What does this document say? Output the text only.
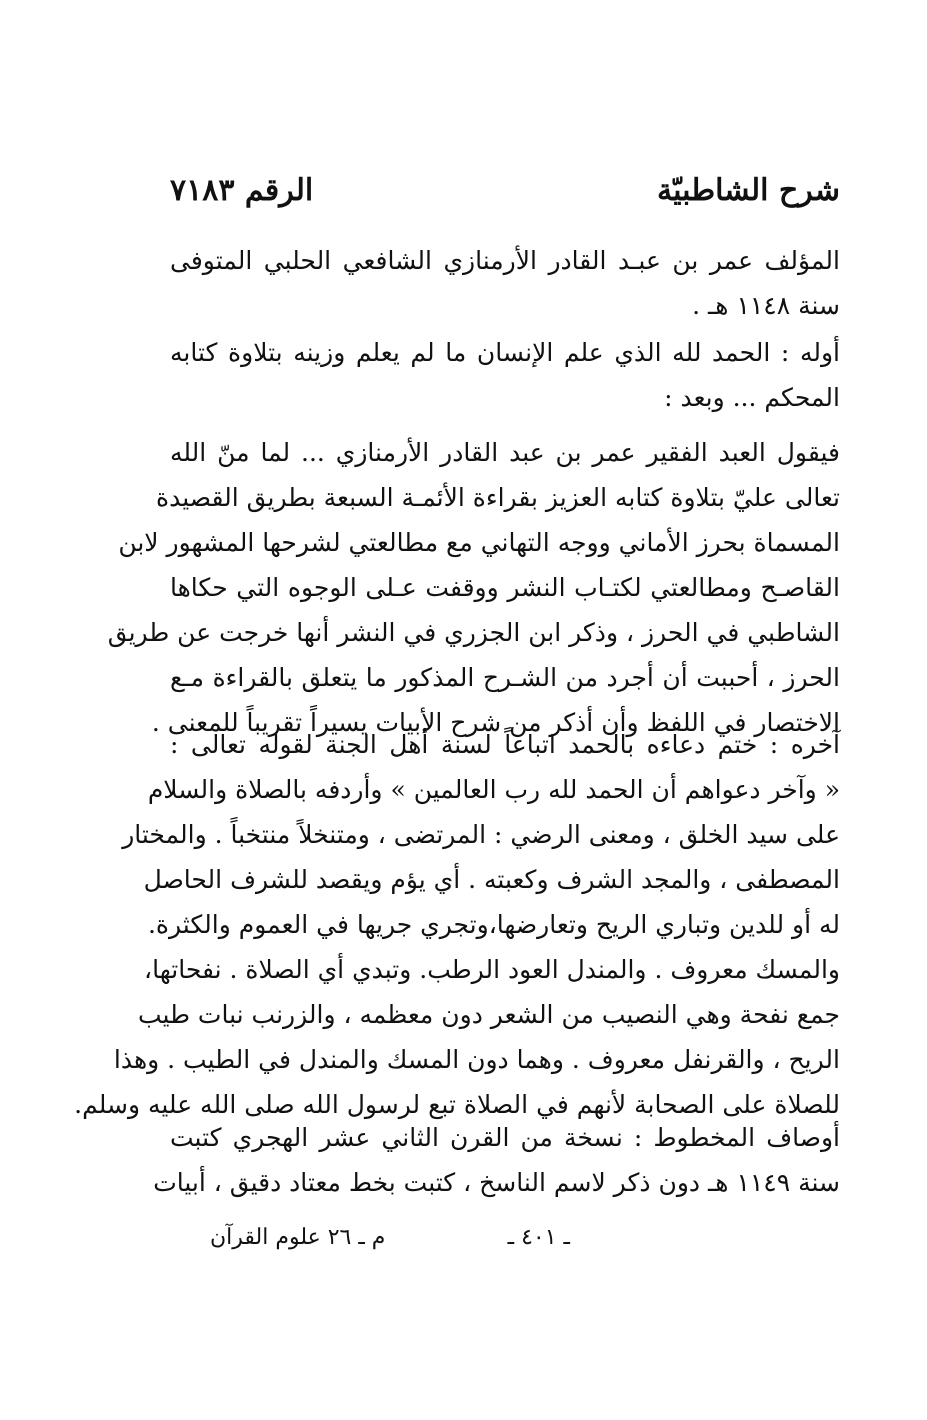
شرح الشاطبيّة
الرقم ٧١٨٣

المؤلف عمر بن عبـد القادر الأرمنازي الشافعي الحلبي المتوفى
سنة ١١٤٨ هـ .

أوله : الحمد لله الذي علم الإنسان ما لم يعلم وزينه بتلاوة كتابه
المحكم ... وبعد :

فيقول العبد الفقير عمر بن عبد القادر الأرمنازي ... لما منّ الله
تعالى عليّ بتلاوة كتابه العزيز بقراءة الأئمـة السبعة بطريق القصيدة
المسماة بحرز الأماني ووجه التهاني مع مطالعتي لشرحها المشهور لابن
القاصـح ومطالعتي لكتـاب النشر ووقفت عـلى الوجوه التي حكاها
الشاطبي في الحرز ، وذكر ابن الجزري في النشر أنها خرجت عن طريق
الحرز ، أحببت أن أجرد من الشـرح المذكور ما يتعلق بالقراءة مـع
الاختصار في اللفظ وأن أذكر من شرح الأبيات يسيراً تقريباً للمعنى .

آخره : ختم دعاءه بالحمد اتباعاً لسنة أهل الجنة لقوله تعالى :
« وآخر دعواهم أن الحمد لله رب العالمين » وأردفه بالصلاة والسلام
على سيد الخلق ، ومعنى الرضي : المرتضى ، ومتنخلاً منتخباً . والمختار
المصطفى ، والمجد الشرف وكعبته . أي يؤم ويقصد للشرف الحاصل
له أو للدين وتباري الريح وتعارضها،وتجري جريها في العموم والكثرة.
والمسك معروف . والمندل العود الرطب. وتبدي أي الصلاة . نفحاتها،
جمع نفحة وهي النصيب من الشعر دون معظمه ، والزرنب نبات طيب
الريح ، والقرنفل معروف . وهما دون المسك والمندل في الطيب . وهذا
للصلاة على الصحابة لأنهم في الصلاة تبع لرسول الله صلى الله عليه وسلم.

أوصاف المخطوط : نسخة من القرن الثاني عشر الهجري كتبت
سنة ١١٤٩ هـ دون ذكر لاسم الناسخ ، كتبت بخط معتاد دقيق ، أبيات

ـ ٤٠١ ـ
م ـ ٢٦ علوم القرآن
